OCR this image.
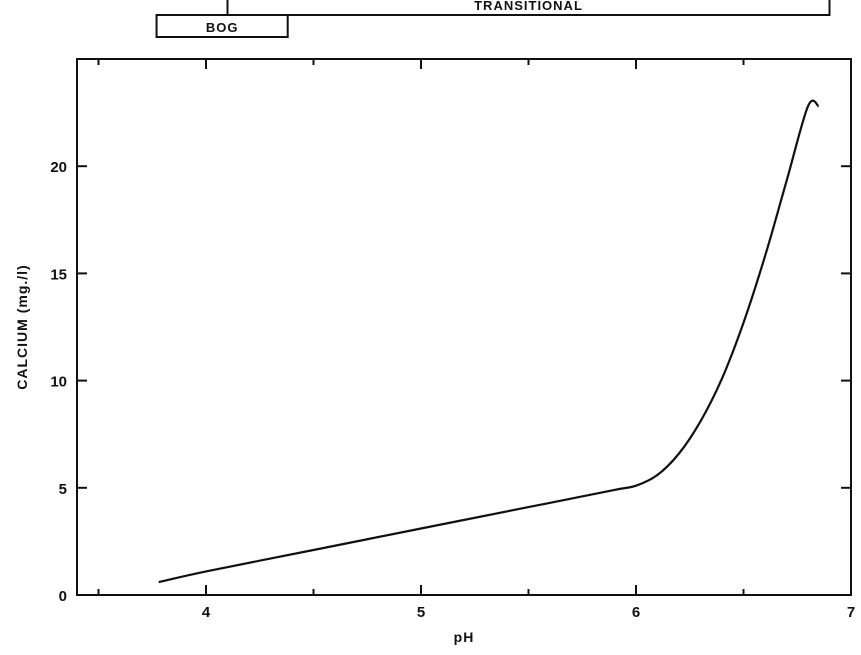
TRANSITIONAL
BOG
4	5	6	7
0
5
10
15
20
pH
CALCIUM (mg./l)
